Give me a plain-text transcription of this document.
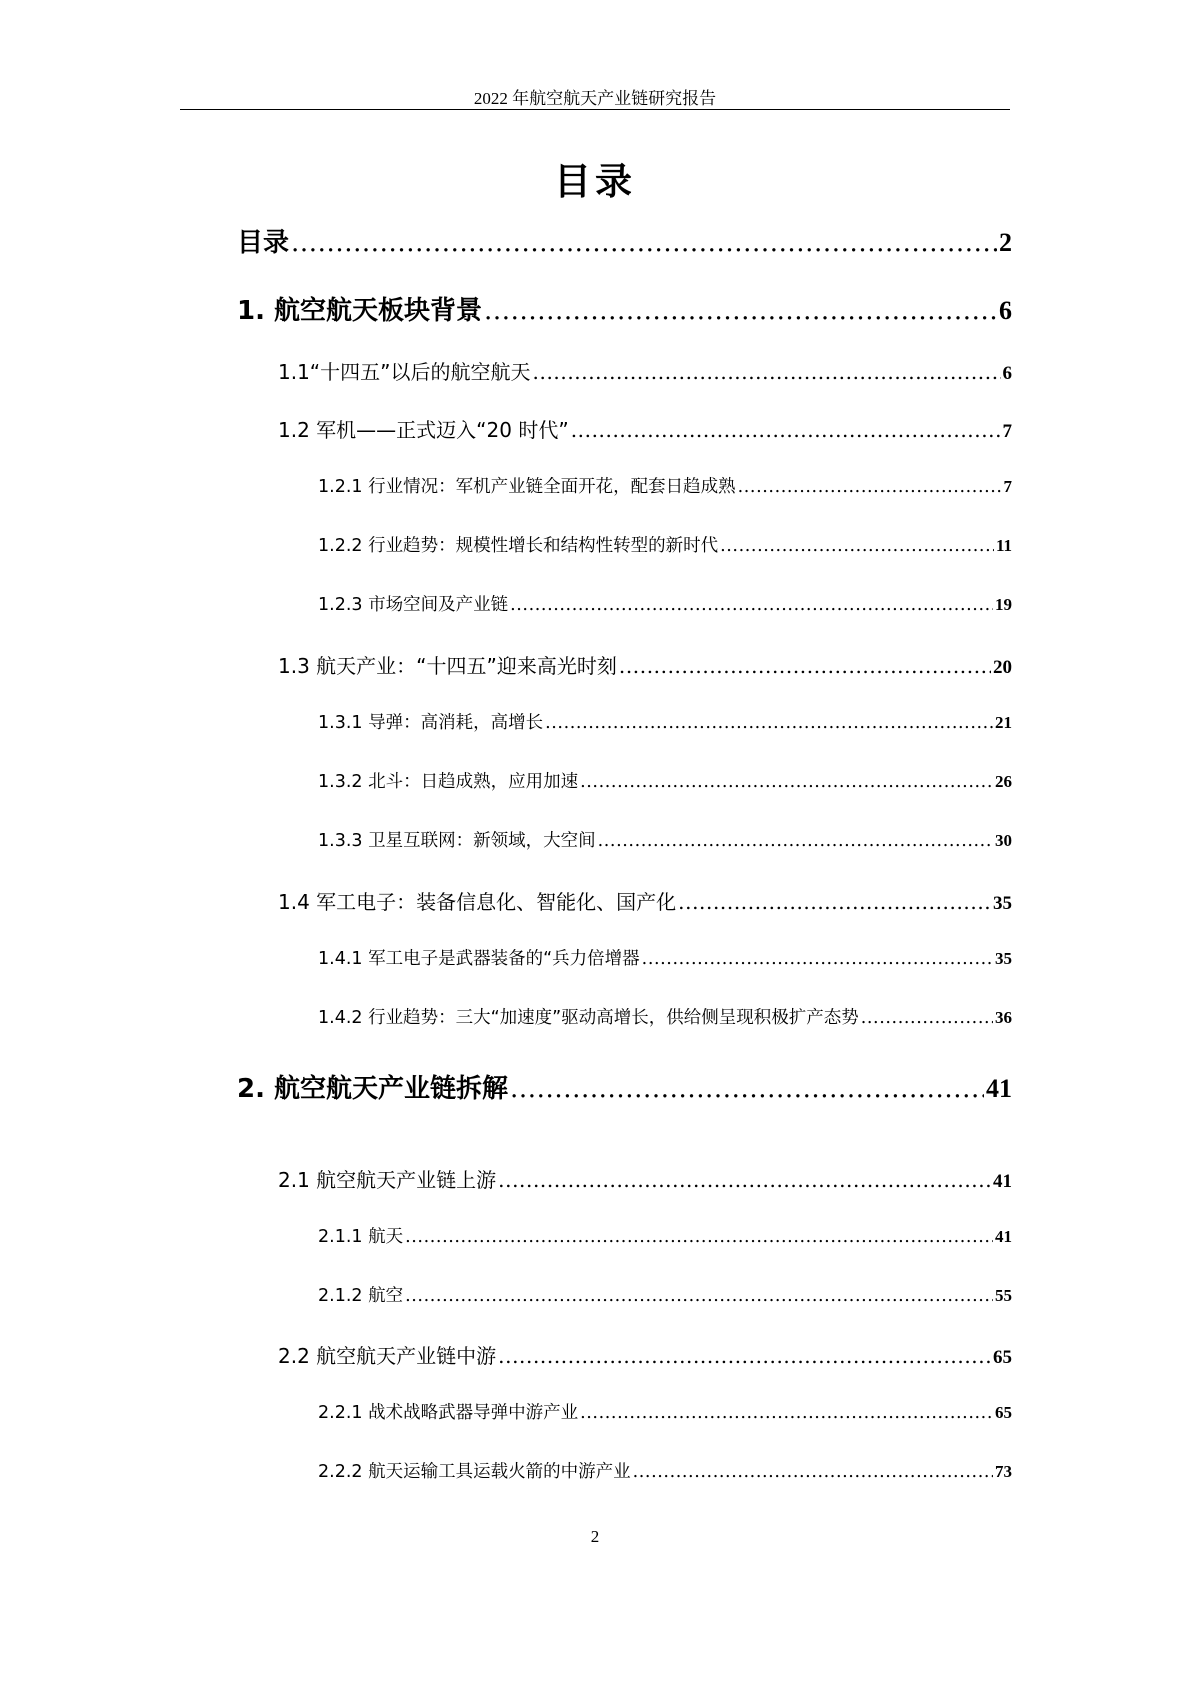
2022 年航空航天产业链研究报告
目录
目录 .....	2
1. 航空航天板块背景 .....	6
1.1“十四五”以后的航空航天 .....	6
1.2 军机——正式迈入“20 时代” .....	7
1.2.1 行业情况：军机产业链全面开花，配套日趋成熟 .....	7
1.2.2 行业趋势：规模性增长和结构性转型的新时代 .....	11
1.2.3 市场空间及产业链 .....	19
1.3 航天产业：“十四五”迎来高光时刻 .....	20
1.3.1 导弹：高消耗，高增长 .....	21
1.3.2 北斗：日趋成熟，应用加速 .....	26
1.3.3 卫星互联网：新领域，大空间 .....	30
1.4 军工电子：装备信息化、智能化、国产化 .....	35
1.4.1 军工电子是武器装备的“兵力倍增器 .....	35
1.4.2 行业趋势：三大“加速度”驱动高增长，供给侧呈现积极扩产态势 .....	36
2. 航空航天产业链拆解 .....	41
2.1 航空航天产业链上游 .....	41
2.1.1 航天 .....	41
2.1.2 航空 .....	55
2.2 航空航天产业链中游 .....	65
2.2.1 战术战略武器导弹中游产业 .....	65
2.2.2 航天运输工具运载火箭的中游产业 .....	73
2
